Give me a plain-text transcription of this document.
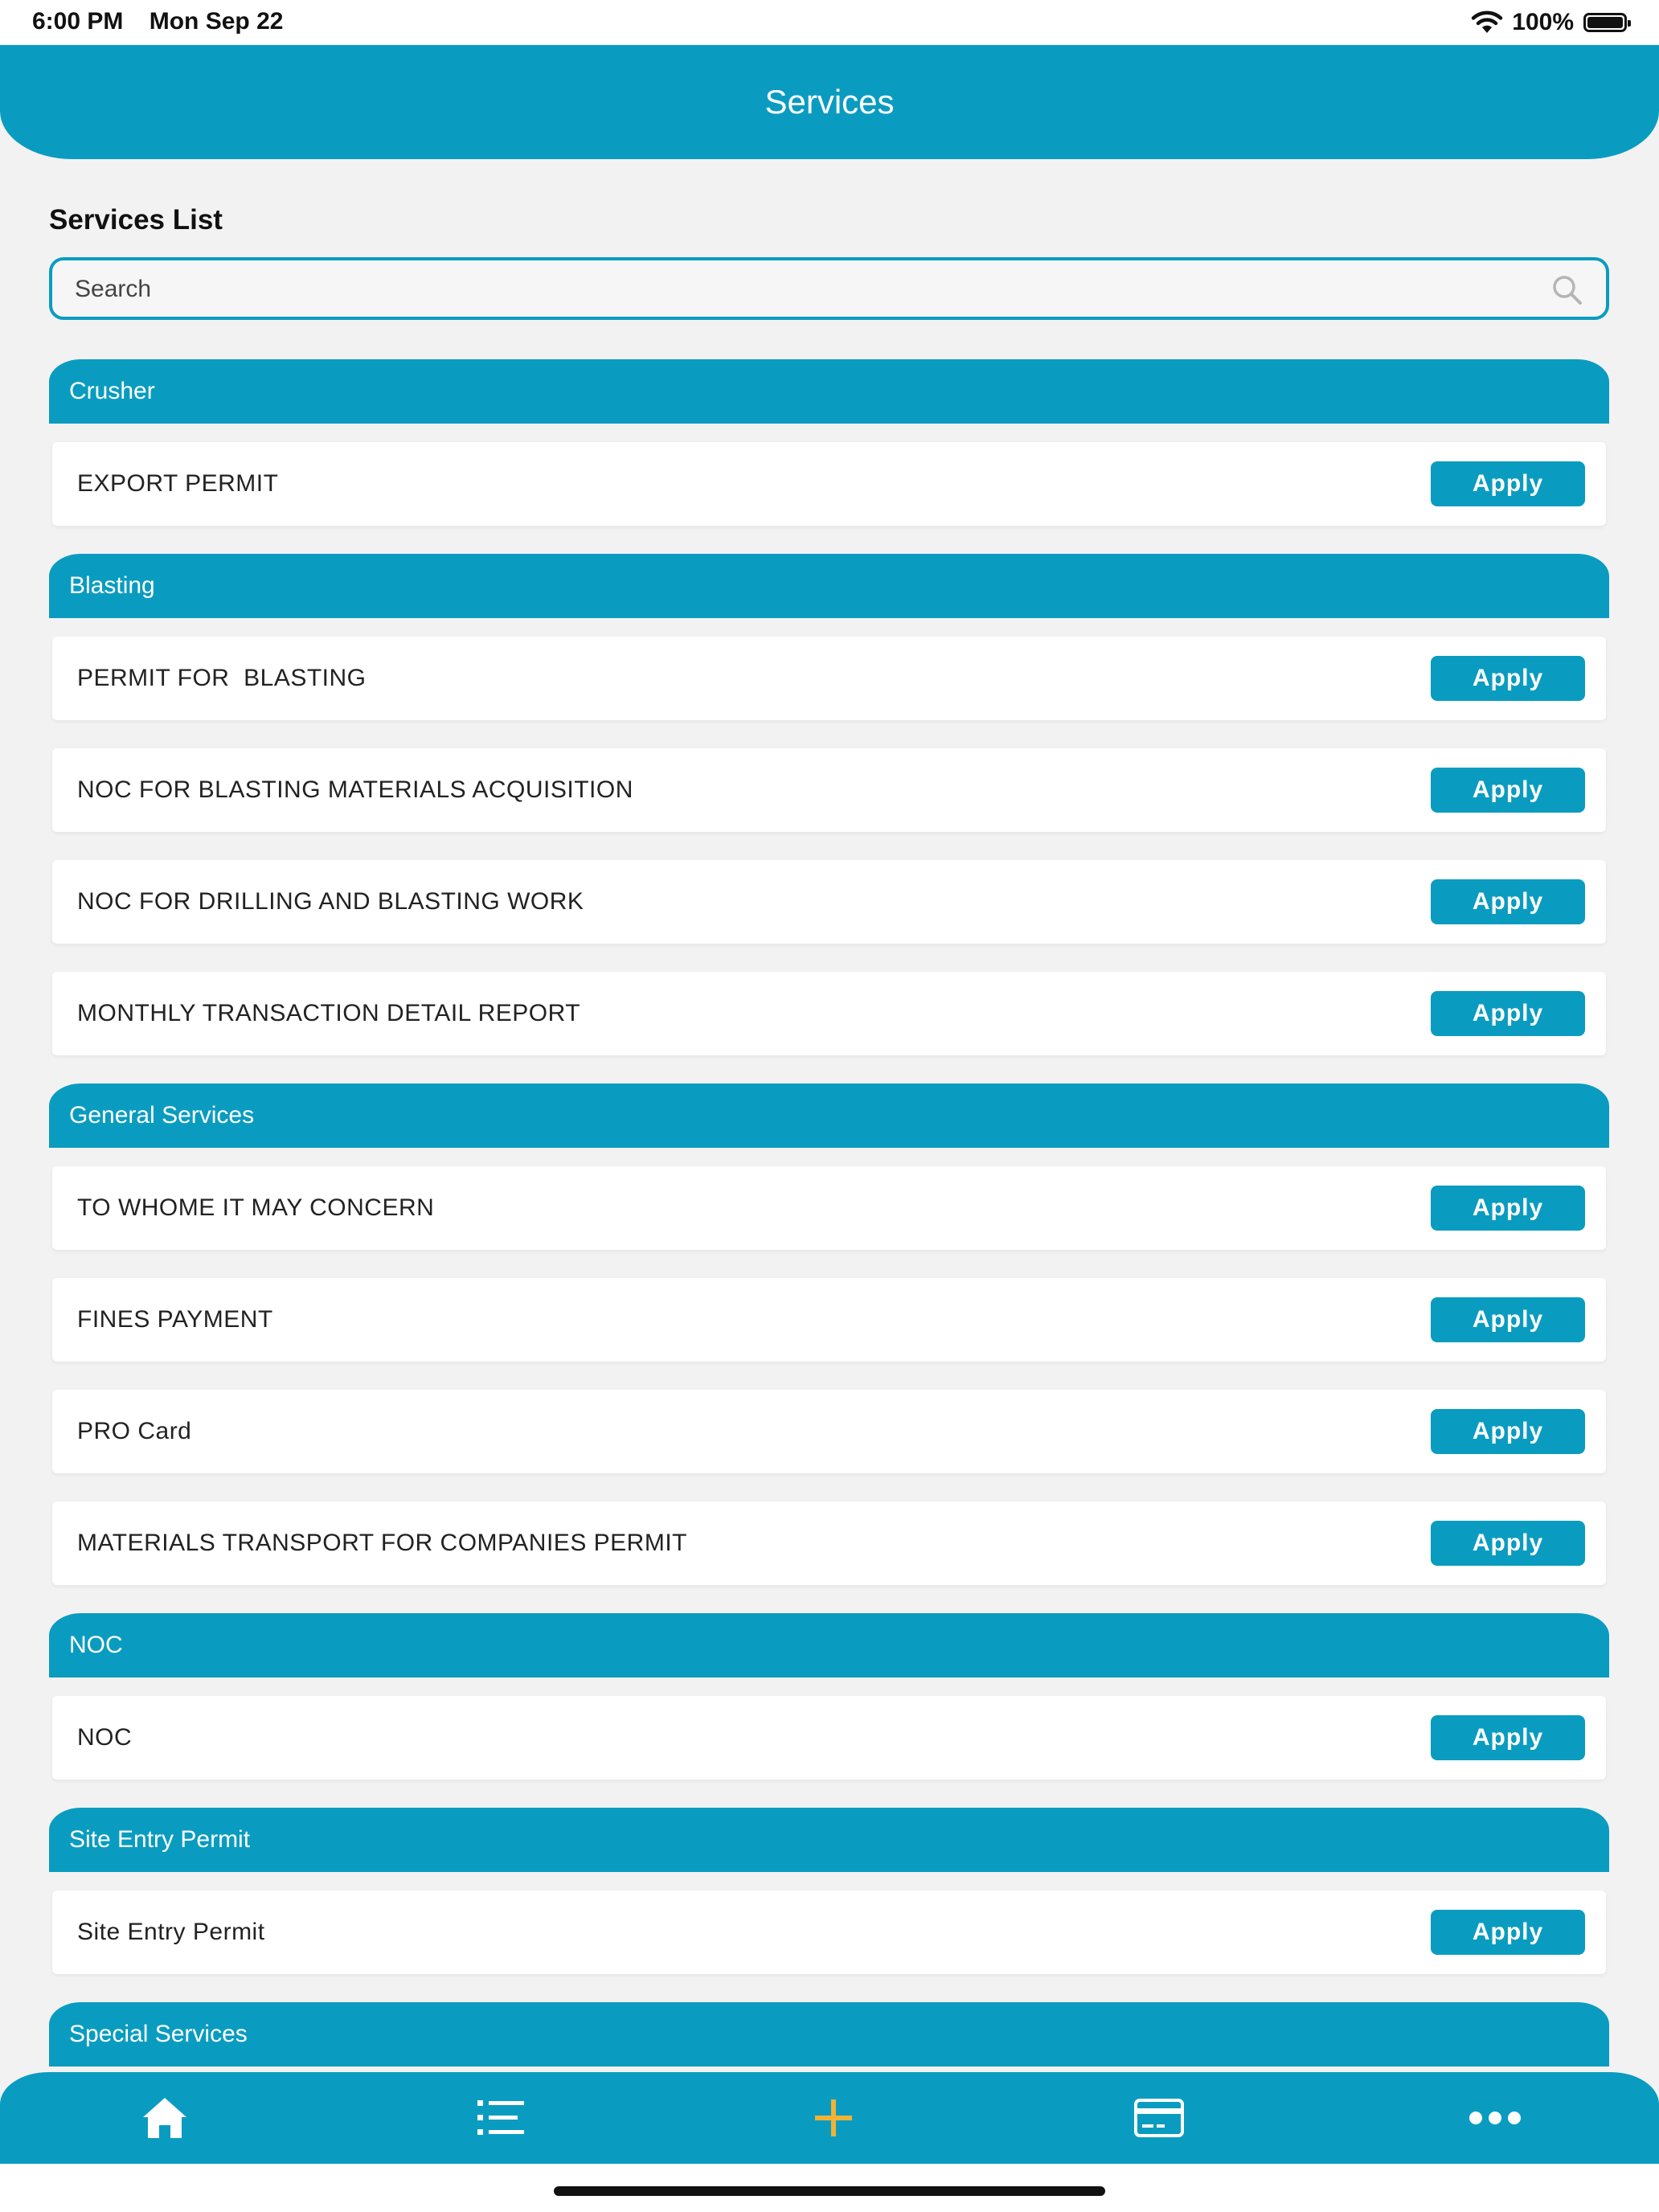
6:00 PM Mon Sep 22	100%
Services
Services List
Search
Crusher
EXPORT PERMIT	Apply
Blasting
PERMIT FOR  BLASTING	Apply
NOC FOR BLASTING MATERIALS ACQUISITION	Apply
NOC FOR DRILLING AND BLASTING WORK	Apply
MONTHLY TRANSACTION DETAIL REPORT	Apply
General Services
TO WHOME IT MAY CONCERN	Apply
FINES PAYMENT	Apply
PRO Card	Apply
MATERIALS TRANSPORT FOR COMPANIES PERMIT	Apply
NOC
NOC	Apply
Site Entry Permit
Site Entry Permit	Apply
Special Services
